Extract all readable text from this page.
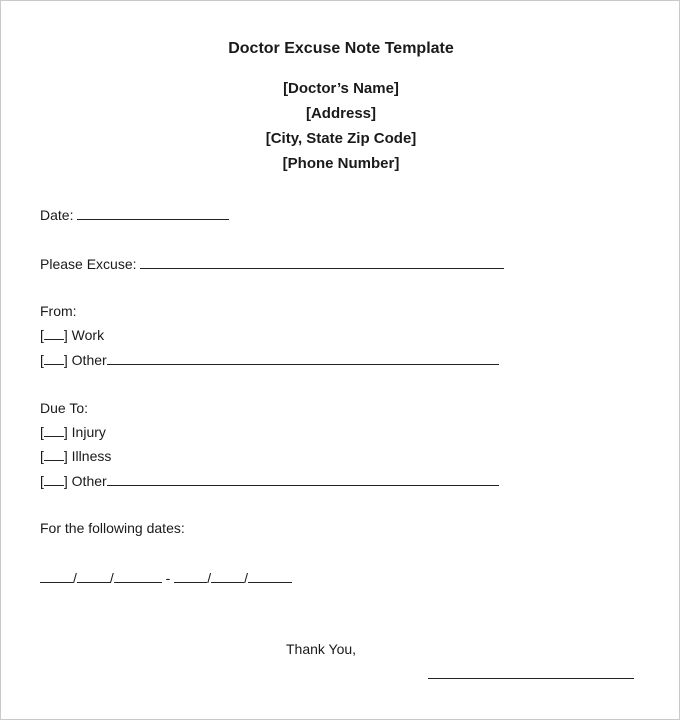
Doctor Excuse Note Template
[Doctor’s Name]
[Address]
[City, State Zip Code]
[Phone Number]
Date:
Please Excuse:
From:
[ ] Work
[ ] Other
Due To:
[ ] Injury
[ ] Illness
[ ] Other
For the following dates:
/ /	-	/ /
Thank You,
